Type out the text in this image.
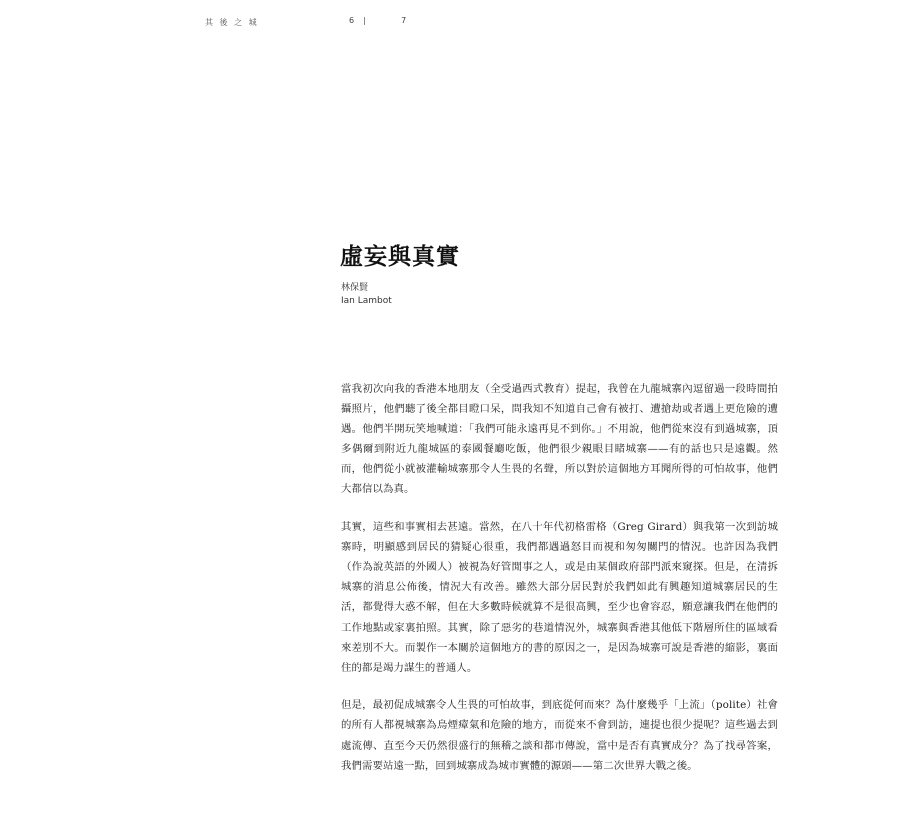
其 後 之 城	6	7
虛妄與真實
林保賢
Ian Lambot

當我初次向我的香港本地朋友（全受過西式教育）提起，我曾在九龍城寨內逗留過一段時間拍攝照片，他們聽了後全都目瞪口呆，問我知不知道自己會有被打、遭搶劫或者遇上更危險的遭遇。他們半開玩笑地喊道：「我們可能永遠再見不到你。」不用說，他們從來沒有到過城寨，頂多偶爾到附近九龍城區的泰國餐廳吃飯，他們很少親眼目睹城寨——有的話也只是遠觀。然而，他們從小就被灌輸城寨那令人生畏的名聲，所以對於這個地方耳聞所得的可怕故事，他們大都信以為真。

其實，這些和事實相去甚遠。當然，在八十年代初格雷格（Greg Girard）與我第一次到訪城寨時，明顯感到居民的猜疑心很重，我們都遇過怒目而視和匆匆關門的情況。也許因為我們（作為說英語的外國人）被視為好管閒事之人，或是由某個政府部門派來窺探。但是，在清拆城寨的消息公佈後，情況大有改善。雖然大部分居民對於我們如此有興趣知道城寨居民的生活，都覺得大惑不解，但在大多數時候就算不是很高興，至少也會容忍，願意讓我們在他們的工作地點或家裏拍照。其實，除了惡劣的巷道情況外，城寨與香港其他低下階層所住的區域看來差別不大。而製作一本關於這個地方的書的原因之一，是因為城寨可說是香港的縮影，裏面住的都是竭力謀生的普通人。

但是，最初促成城寨令人生畏的可怕故事，到底從何而來？為什麼幾乎「上流」（polite）社會的所有人都視城寨為烏煙瘴氣和危險的地方，而從來不會到訪，連提也很少提呢？這些過去到處流傳、直至今天仍然很盛行的無稽之談和都市傳說，當中是否有真實成分？為了找尋答案，我們需要站遠一點，回到城寨成為城市實體的源頭——第二次世界大戰之後。
